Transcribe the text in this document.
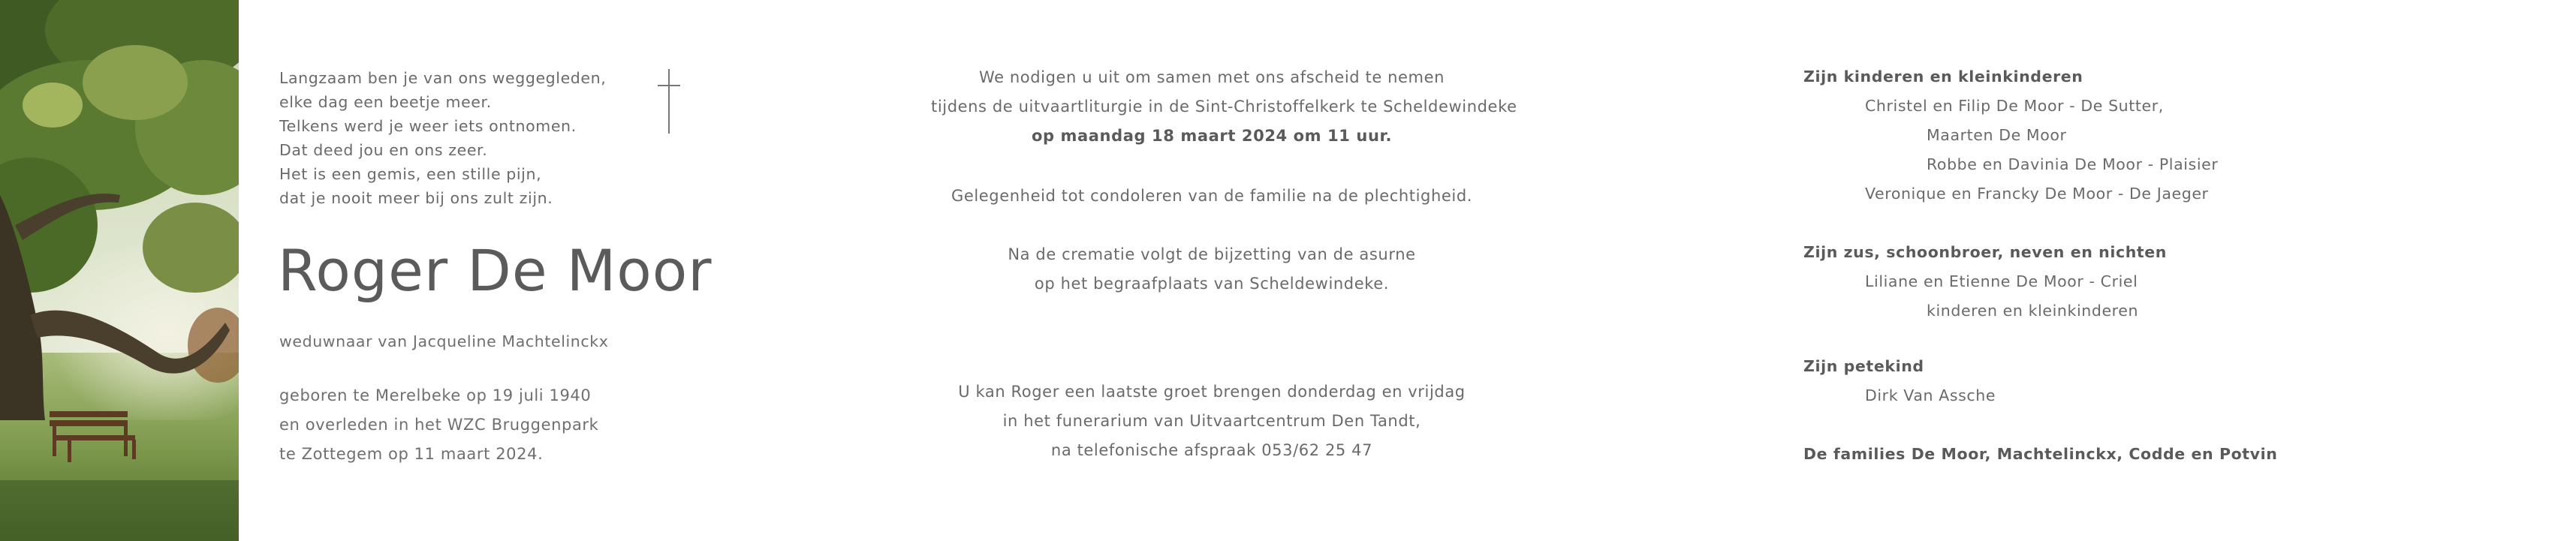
Langzaam ben je van ons weggegleden,
elke dag een beetje meer.
Telkens werd je weer iets ontnomen.
Dat deed jou en ons zeer.
Het is een gemis, een stille pijn,
dat je nooit meer bij ons zult zijn.
Roger De Moor
weduwnaar van Jacqueline Machtelinckx
geboren te Merelbeke op 19 juli 1940
en overleden in het WZC Bruggenpark
te Zottegem op 11 maart 2024.
We nodigen u uit om samen met ons afscheid te nemen
tijdens de uitvaartliturgie in de Sint-Christoffelkerk te Scheldewindeke
op maandag 18 maart 2024 om 11 uur.
Gelegenheid tot condoleren van de familie na de plechtigheid.
Na de crematie volgt de bijzetting van de asurne
op het begraafplaats van Scheldewindeke.
U kan Roger een laatste groet brengen donderdag en vrijdag
in het funerarium van Uitvaartcentrum Den Tandt,
na telefonische afspraak 053/62 25 47
Zijn kinderen en kleinkinderen
Christel en Filip De Moor - De Sutter,
Maarten De Moor
Robbe en Davinia De Moor - Plaisier
Veronique en Francky De Moor - De Jaeger
Zijn zus, schoonbroer, neven en nichten
Liliane en Etienne De Moor - Criel
kinderen en kleinkinderen
Zijn petekind
Dirk Van Assche
De families De Moor, Machtelinckx, Codde en Potvin
